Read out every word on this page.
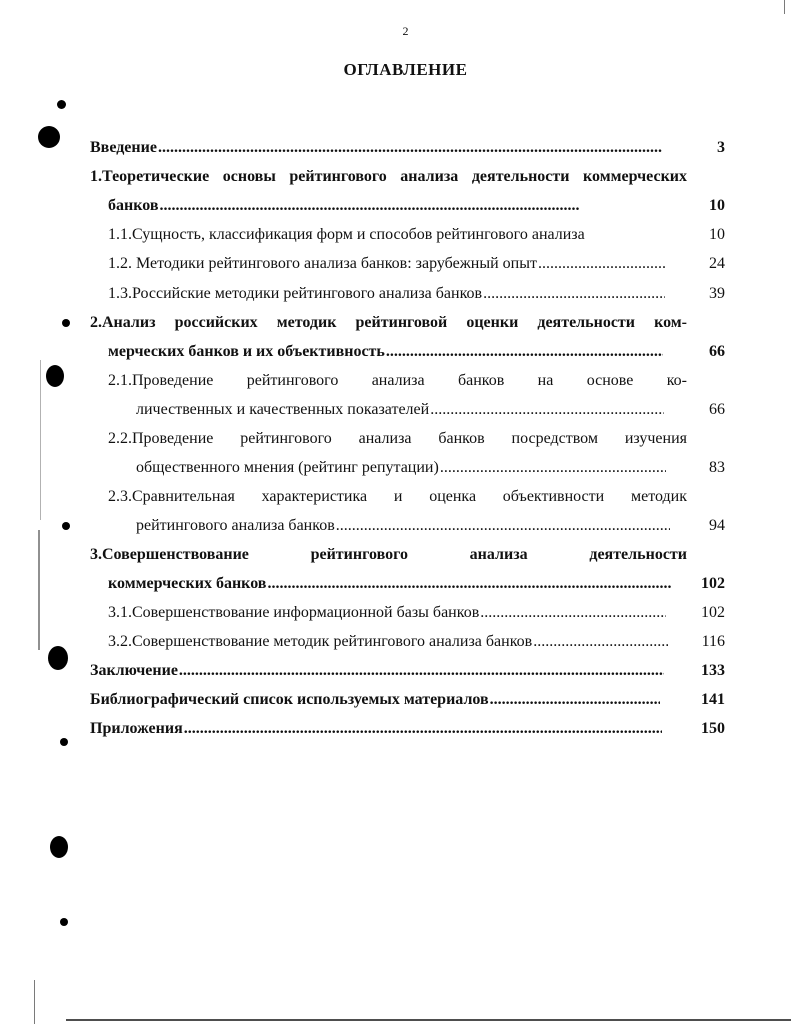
2
ОГЛАВЛЕНИЕ
Введение .....	3
1.Теоретические основы рейтингового анализа деятельности коммерческих
банков .....	10
1.1.Сущность, классификация форм и способов рейтингового анализа	10
1.2. Методики рейтингового анализа банков: зарубежный опыт .....	24
1.3.Российские методики рейтингового анализа банков .....	39
2.Анализ российских методик рейтинговой оценки деятельности ком-
мерческих банков и их объективность .....	66
2.1.Проведение рейтингового анализа банков на основе ко-
личественных и качественных показателей .....	66
2.2.Проведение рейтингового анализа банков посредством изучения
общественного мнения (рейтинг репутации) .....	83
2.3.Сравнительная характеристика и оценка объективности методик
рейтингового анализа банков .....	94
3.Совершенствование рейтингового анализа деятельности
коммерческих банков .....	102
3.1.Совершенствование информационной базы банков .....	102
3.2.Совершенствование методик рейтингового анализа банков .....	116
Заключение .....	133
Библиографический список используемых материалов .....	141
Приложения .....	150
